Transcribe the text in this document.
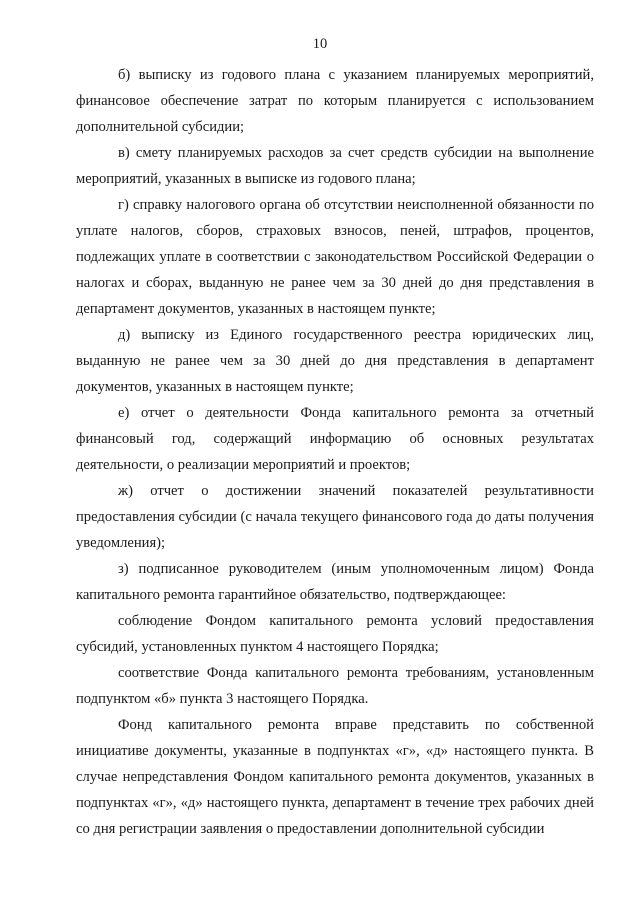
10

б) выписку из годового плана с указанием планируемых мероприятий, финансовое обеспечение затрат по которым планируется с использованием дополнительной субсидии;

в) смету планируемых расходов за счет средств субсидии на выполнение мероприятий, указанных в выписке из годового плана;

г) справку налогового органа об отсутствии неисполненной обязанности по уплате налогов, сборов, страховых взносов, пеней, штрафов, процентов, подлежащих уплате в соответствии с законодательством Российской Федерации о налогах и сборах, выданную не ранее чем за 30 дней до дня представления в департамент документов, указанных в настоящем пункте;

д) выписку из Единого государственного реестра юридических лиц, выданную не ранее чем за 30 дней до дня представления в департамент документов, указанных в настоящем пункте;

е) отчет о деятельности Фонда капитального ремонта за отчетный финансовый год, содержащий информацию об основных результатах деятельности, о реализации мероприятий и проектов;

ж) отчет о достижении значений показателей результативности предоставления субсидии (с начала текущего финансового года до даты получения уведомления);

з) подписанное руководителем (иным уполномоченным лицом) Фонда капитального ремонта гарантийное обязательство, подтверждающее:

соблюдение Фондом капитального ремонта условий предоставления субсидий, установленных пунктом 4 настоящего Порядка;

соответствие Фонда капитального ремонта требованиям, установленным подпунктом «б» пункта 3 настоящего Порядка.

Фонд капитального ремонта вправе представить по собственной инициативе документы, указанные в подпунктах «г», «д» настоящего пункта. В случае непредставления Фондом капитального ремонта документов, указанных в подпунктах «г», «д» настоящего пункта, департамент в течение трех рабочих дней со дня регистрации заявления о предоставлении дополнительной субсидии
